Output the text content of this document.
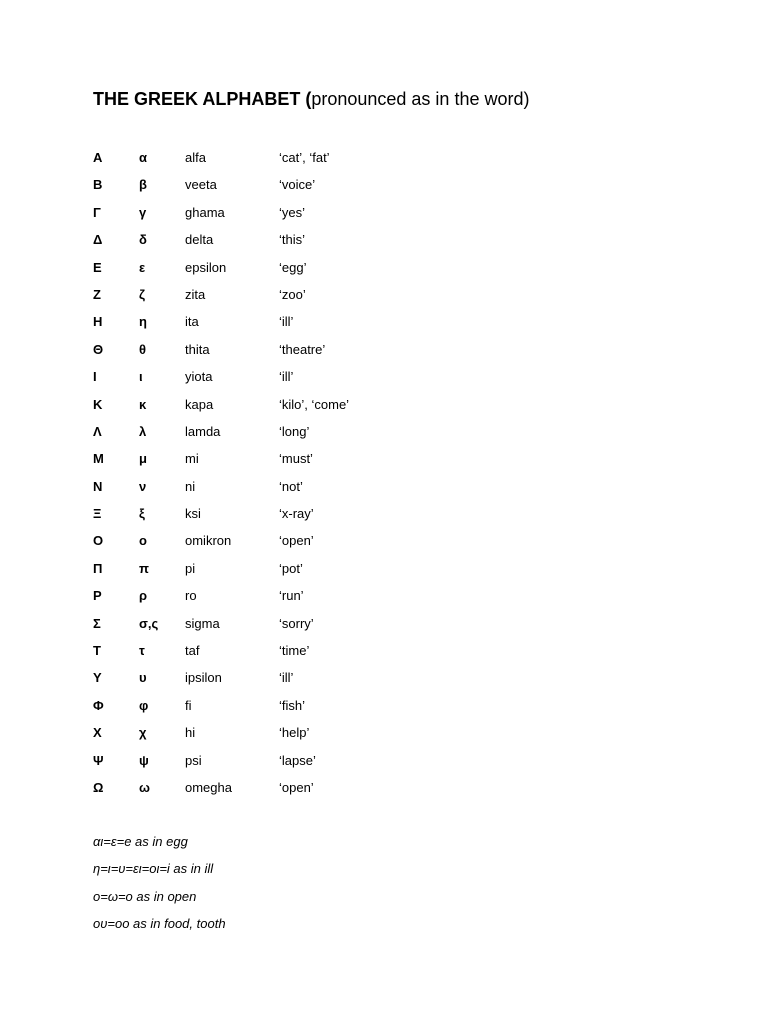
THE GREEK ALPHABET (pronounced as in the word)
Α	α	alfa	‘cat’, ‘fat’
Β	β	veeta	‘voice’
Γ	γ	ghama	‘yes’
Δ	δ	delta	‘this’
Ε	ε	epsilon	‘egg’
Ζ	ζ	zita	‘zoo’
Η	η	ita	‘ill’
Θ	θ	thita	‘theatre’
Ι	ι	yiota	‘ill’
Κ	κ	kapa	‘kilo’, ‘come’
Λ	λ	lamda	‘long’
Μ	μ	mi	‘must’
Ν	ν	ni	‘not’
Ξ	ξ	ksi	‘x-ray’
Ο	ο	omikron	‘open’
Π	π	pi	‘pot’
Ρ	ρ	ro	‘run’
Σ	σ,ς sigma	‘sorry’
Τ	τ	taf	‘time’
Υ	υ	ipsilon	‘ill’
Φ	φ	fi	‘fish’
Χ	χ	hi	‘help’
Ψ	ψ	psi	‘lapse’
Ω	ω	omegha	‘open’
αι=ε=e as in egg
η=ι=υ=ει=οι=i as in ill
ο=ω=o as in open
ου=oo as in food, tooth
